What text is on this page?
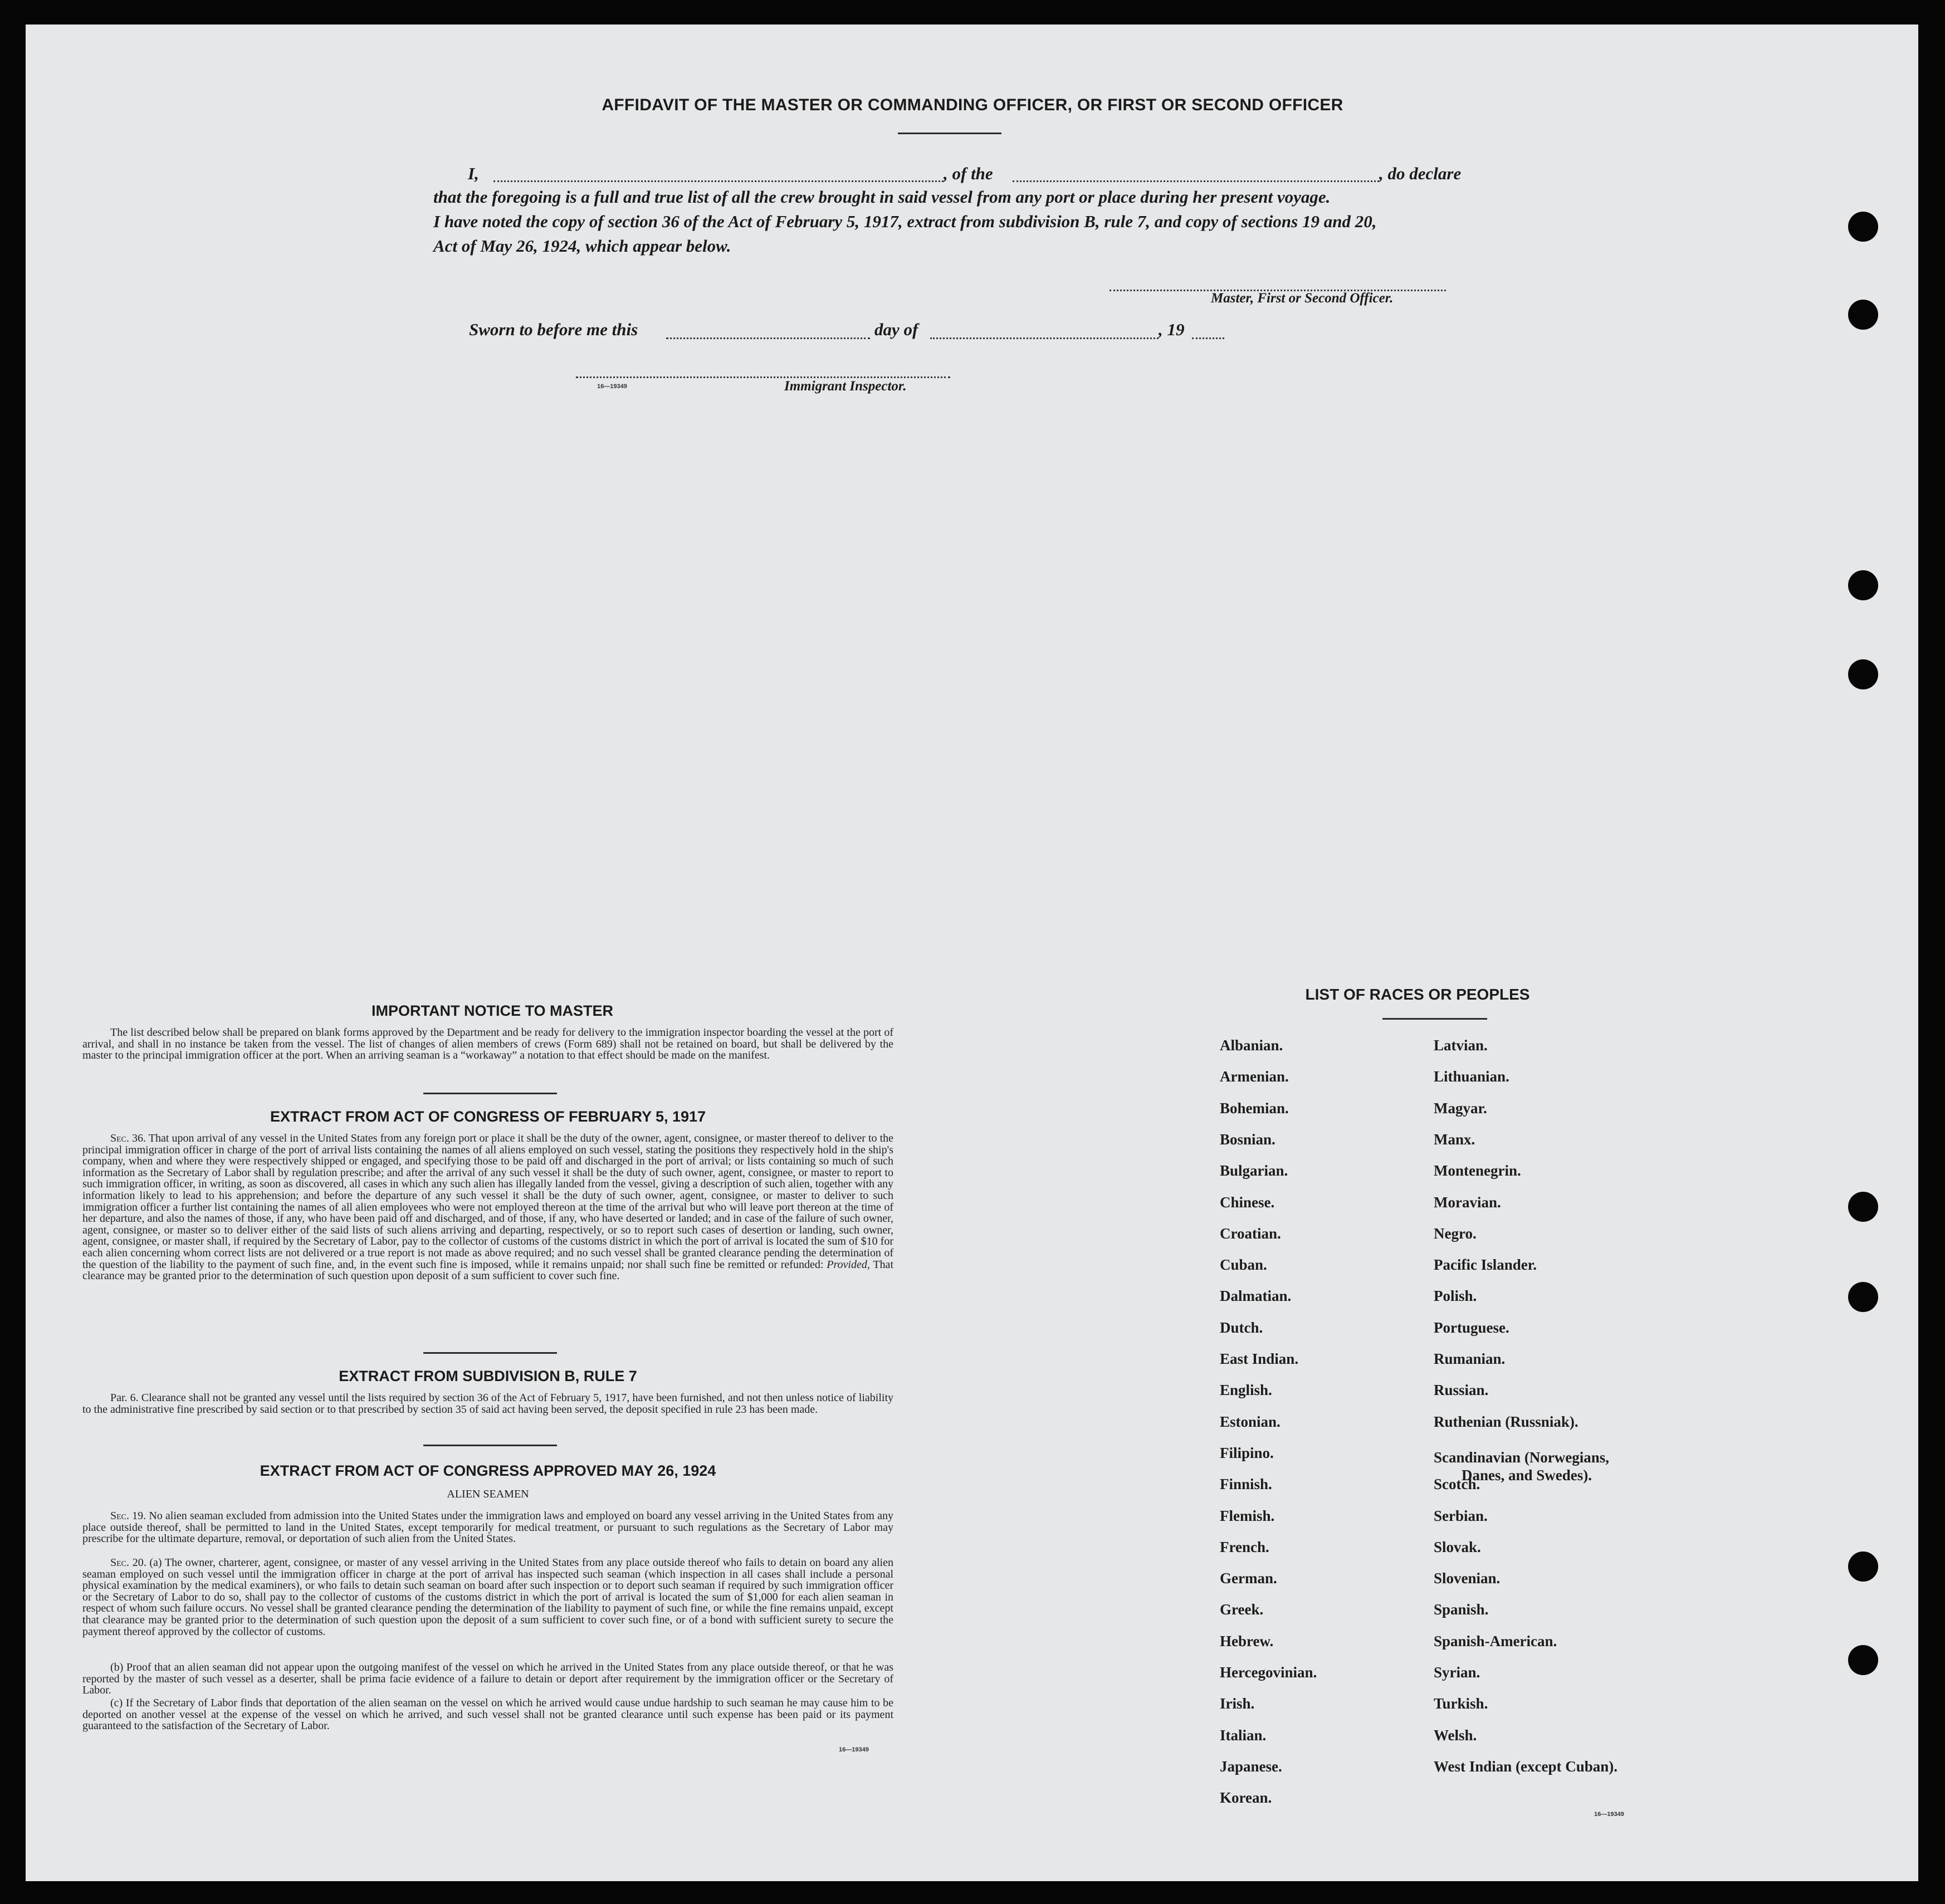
AFFIDAVIT OF THE MASTER OR COMMANDING OFFICER, OR FIRST OR SECOND OFFICER
I,	, of the	, do declare
that the foregoing is a full and true list of all the crew brought in said vessel from any port or place during her present voyage.
I have noted the copy of section 36 of the Act of February 5, 1917, extract from subdivision B, rule 7, and copy of sections 19 and 20,
Act of May 26, 1924, which appear below.
Master, First or Second Officer.
Sworn to before me this	day of	, 19
16—19349	Immigrant Inspector.
IMPORTANT NOTICE TO MASTER
The list described below shall be prepared on blank forms approved by the Department and be ready for delivery to the immigration inspector boarding the vessel at the port of arrival, and shall in no instance be taken from the vessel. The list of changes of alien members of crews (Form 689) shall not be retained on board, but shall be delivered by the master to the principal immigration officer at the port. When an arriving seaman is a “workaway” a notation to that effect should be made on the manifest.
EXTRACT FROM ACT OF CONGRESS OF FEBRUARY 5, 1917
Sec. 36. That upon arrival of any vessel in the United States from any foreign port or place it shall be the duty of the owner, agent, consignee, or master thereof to deliver to the principal immigration officer in charge of the port of arrival lists containing the names of all aliens employed on such vessel, stating the positions they respectively hold in the ship's company, when and where they were respectively shipped or engaged, and specifying those to be paid off and discharged in the port of arrival; or lists containing so much of such information as the Secretary of Labor shall by regulation prescribe; and after the arrival of any such vessel it shall be the duty of such owner, agent, consignee, or master to report to such immigration officer, in writing, as soon as discovered, all cases in which any such alien has illegally landed from the vessel, giving a description of such alien, together with any information likely to lead to his apprehension; and before the departure of any such vessel it shall be the duty of such owner, agent, consignee, or master to deliver to such immigration officer a further list containing the names of all alien employees who were not employed thereon at the time of the arrival but who will leave port thereon at the time of her departure, and also the names of those, if any, who have been paid off and discharged, and of those, if any, who have deserted or landed; and in case of the failure of such owner, agent, consignee, or master so to deliver either of the said lists of such aliens arriving and departing, respectively, or so to report such cases of desertion or landing, such owner, agent, consignee, or master shall, if required by the Secretary of Labor, pay to the collector of customs of the customs district in which the port of arrival is located the sum of $10 for each alien concerning whom correct lists are not delivered or a true report is not made as above required; and no such vessel shall be granted clearance pending the determination of the question of the liability to the payment of such fine, and, in the event such fine is imposed, while it remains unpaid; nor shall such fine be remitted or refunded: Provided, That clearance may be granted prior to the determination of such question upon deposit of a sum sufficient to cover such fine.
EXTRACT FROM SUBDIVISION B, RULE 7
Par. 6. Clearance shall not be granted any vessel until the lists required by section 36 of the Act of February 5, 1917, have been furnished, and not then unless notice of liability to the administrative fine prescribed by said section or to that prescribed by section 35 of said act having been served, the deposit specified in rule 23 has been made.
EXTRACT FROM ACT OF CONGRESS APPROVED MAY 26, 1924
ALIEN SEAMEN
Sec. 19. No alien seaman excluded from admission into the United States under the immigration laws and employed on board any vessel arriving in the United States from any place outside thereof, shall be permitted to land in the United States, except temporarily for medical treatment, or pursuant to such regulations as the Secretary of Labor may prescribe for the ultimate departure, removal, or deportation of such alien from the United States.
Sec. 20. (a) The owner, charterer, agent, consignee, or master of any vessel arriving in the United States from any place outside thereof who fails to detain on board any alien seaman employed on such vessel until the immigration officer in charge at the port of arrival has inspected such seaman (which inspection in all cases shall include a personal physical examination by the medical examiners), or who fails to detain such seaman on board after such inspection or to deport such seaman if required by such immigration officer or the Secretary of Labor to do so, shall pay to the collector of customs of the customs district in which the port of arrival is located the sum of $1,000 for each alien seaman in respect of whom such failure occurs. No vessel shall be granted clearance pending the determination of the liability to payment of such fine, or while the fine remains unpaid, except that clearance may be granted prior to the determination of such question upon the deposit of a sum sufficient to cover such fine, or of a bond with sufficient surety to secure the payment thereof approved by the collector of customs.
(b) Proof that an alien seaman did not appear upon the outgoing manifest of the vessel on which he arrived in the United States from any place outside thereof, or that he was reported by the master of such vessel as a deserter, shall be prima facie evidence of a failure to detain or deport after requirement by the immigration officer or the Secretary of Labor.
(c) If the Secretary of Labor finds that deportation of the alien seaman on the vessel on which he arrived would cause undue hardship to such seaman he may cause him to be deported on another vessel at the expense of the vessel on which he arrived, and such vessel shall not be granted clearance until such expense has been paid or its payment guaranteed to the satisfaction of the Secretary of Labor.
16—19349
LIST OF RACES OR PEOPLES
Albanian.
Armenian.
Bohemian.
Bosnian.
Bulgarian.
Chinese.
Croatian.
Cuban.
Dalmatian.
Dutch.
East Indian.
English.
Estonian.
Filipino.
Finnish.
Flemish.
French.
German.
Greek.
Hebrew.
Hercegovinian.
Irish.
Italian.
Japanese.
Korean.
Latvian.
Lithuanian.
Magyar.
Manx.
Montenegrin.
Moravian.
Negro.
Pacific Islander.
Polish.
Portuguese.
Rumanian.
Russian.
Ruthenian (Russniak).
Scandinavian (Norwegians,
Danes, and Swedes).
Scotch.
Serbian.
Slovak.
Slovenian.
Spanish.
Spanish-American.
Syrian.
Turkish.
Welsh.
West Indian (except Cuban).
16—19349
